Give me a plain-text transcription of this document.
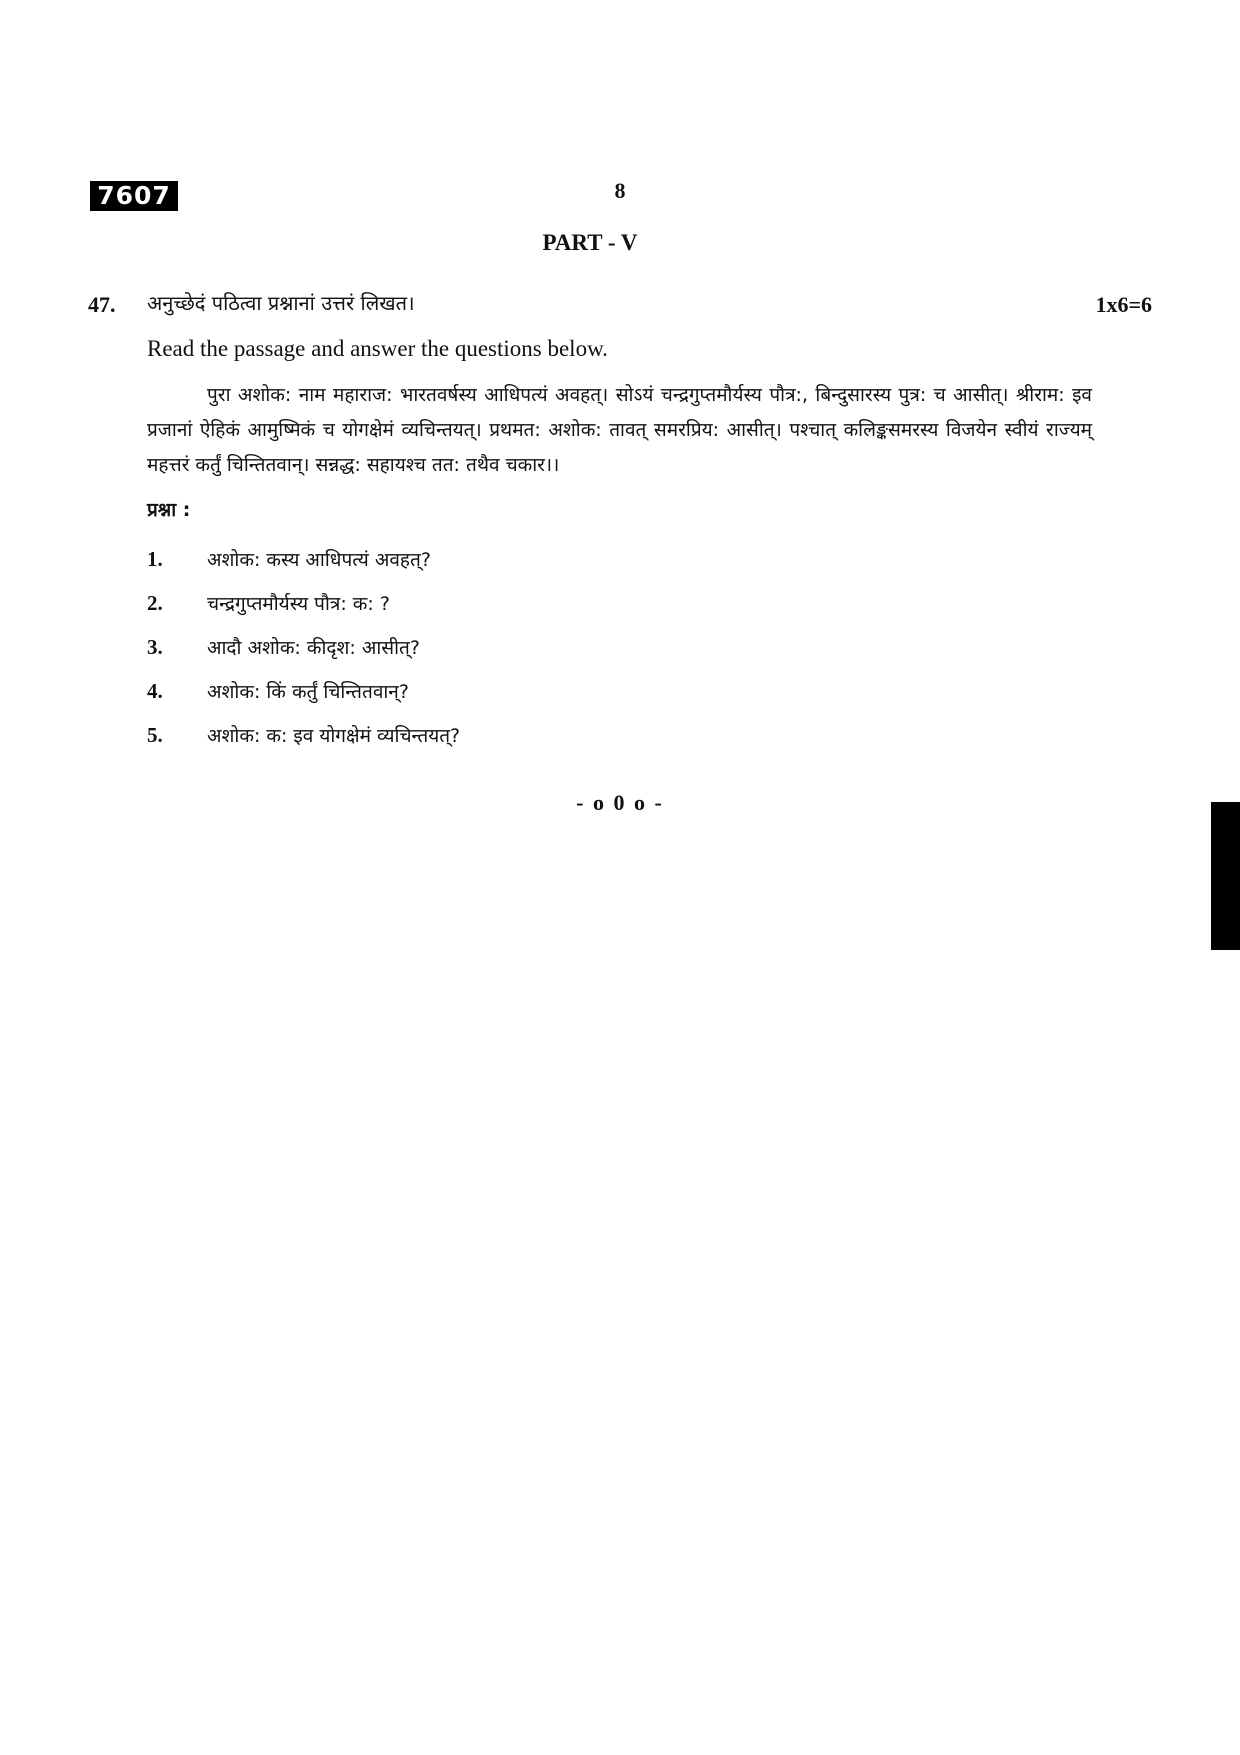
7607	8
PART - V
47. अनुच्छेदं पठित्वा प्रश्नानां उत्तरं लिखत।	1x6=6
Read the passage and answer the questions below.

पुरा अशोक: नाम महाराज: भारतवर्षस्य आधिपत्यं अवहत्। सोऽयं चन्द्रगुप्तमौर्यस्य पौत्र:, बिन्दुसारस्य पुत्र: च आसीत्। श्रीराम: इव प्रजानां ऐहिकं आमुष्मिकं च योगक्षेमं व्यचिन्तयत्। प्रथमत: अशोक: तावत् समरप्रिय: आसीत्। पश्चात् कलिङ्कसमरस्य विजयेन स्वीयं राज्यम् महत्तरं कर्तुं चिन्तितवान्। सन्नद्ध: सहायश्च तत: तथैव चकार।।

प्रश्ना :
1.	अशोक: कस्य आधिपत्यं अवहत्?
2.	चन्द्रगुप्तमौर्यस्य पौत्र: क: ?
3.	आदौ अशोक: कीदृश: आसीत्?
4.	अशोक: किं कर्तुं चिन्तितवान्?
5.	अशोक: क: इव योगक्षेमं व्यचिन्तयत्?
- o 0 o -
